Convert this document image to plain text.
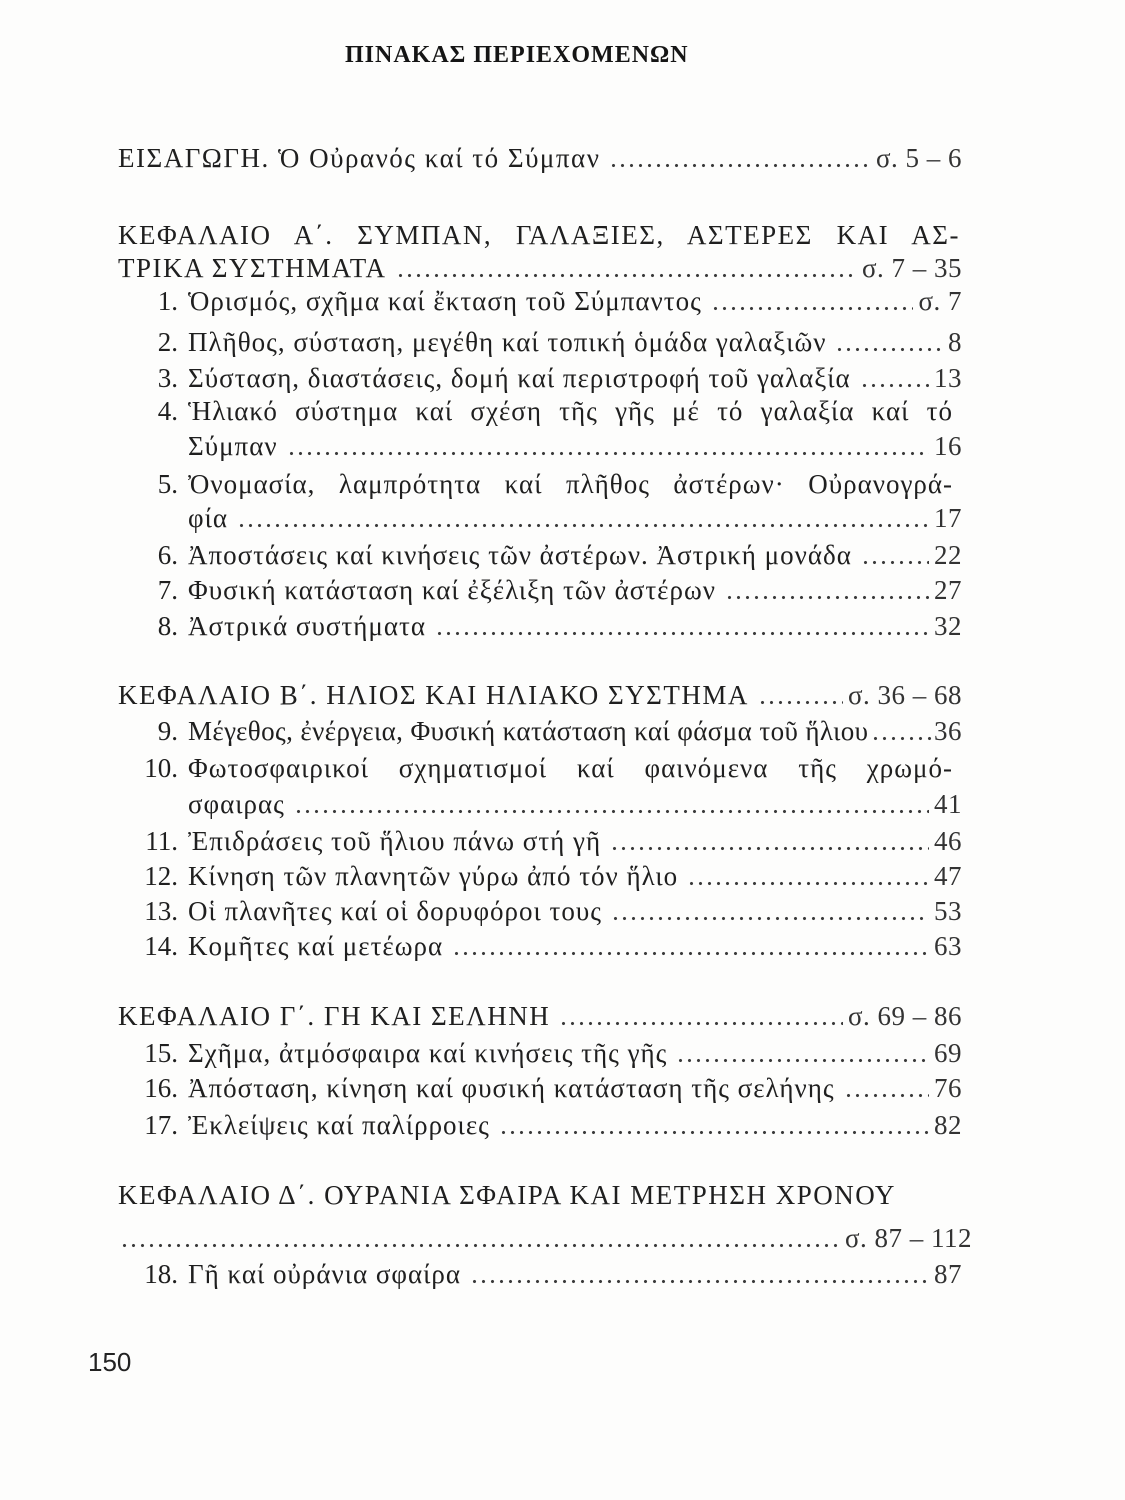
ΠΙΝΑΚΑΣ ΠΕΡΙΕΧΟΜΕΝΩΝ
ΕΙΣΑΓΩΓΗ. Ὁ Οὐρανός καί τό Σύμπαν	σ. 5 – 6
ΚΕΦΑΛΑΙΟ Α΄. ΣΥΜΠΑΝ, ΓΑΛΑΞΙΕΣ, ΑΣΤΕΡΕΣ ΚΑΙ ΑΣ-
ΤΡΙΚΑ ΣΥΣΤΗΜΑΤΑ	σ. 7 – 35
1. Ὁρισμός, σχῆμα καί ἔκταση τοῦ Σύμπαντος	σ. 7
2. Πλῆθος, σύσταση, μεγέθη καί τοπική ὁμάδα γαλαξιῶν	8
3. Σύσταση, διαστάσεις, δομή καί περιστροφή τοῦ γαλαξία	13
4. Ἡλιακό σύστημα καί σχέση τῆς γῆς μέ τό γαλαξία καί τό
Σύμπαν	16
5. Ὀνομασία, λαμπρότητα καί πλῆθος ἀστέρων· Οὐρανογρά-
φία	17
6. Ἀποστάσεις καί κινήσεις τῶν ἀστέρων. Ἀστρική μονάδα	22
7. Φυσική κατάσταση καί ἐξέλιξη τῶν ἀστέρων	27
8. Ἀστρικά συστήματα	32
ΚΕΦΑΛΑΙΟ Β΄. ΗΛΙΟΣ ΚΑΙ ΗΛΙΑΚΟ ΣΥΣΤΗΜΑ	σ. 36 – 68
9. Μέγεθος, ἐνέργεια, Φυσική κατάσταση καί φάσμα τοῦ ἥλιου 36
10. Φωτοσφαιρικοί σχηματισμοί καί φαινόμενα τῆς χρωμό-
σφαιρας	41
11. Ἐπιδράσεις τοῦ ἥλιου πάνω στή γῆ	46
12. Κίνηση τῶν πλανητῶν γύρω ἀπό τόν ἥλιο	47
13. Οἱ πλανῆτες καί οἱ δορυφόροι τους	53
14. Κομῆτες καί μετέωρα	63
ΚΕΦΑΛΑΙΟ Γ΄. ΓΗ ΚΑΙ ΣΕΛΗΝΗ	σ. 69 – 86
15. Σχῆμα, ἀτμόσφαιρα καί κινήσεις τῆς γῆς	69
16. Ἀπόσταση, κίνηση καί φυσική κατάσταση τῆς σελήνης	76
17. Ἐκλείψεις καί παλίρροιες	82
ΚΕΦΑΛΑΙΟ Δ΄. ΟΥΡΑΝΙΑ ΣΦΑΙΡΑ ΚΑΙ ΜΕΤΡΗΣΗ ΧΡΟΝΟΥ
σ. 87 – 112
18. Γῆ καί οὐράνια σφαίρα	87
150
